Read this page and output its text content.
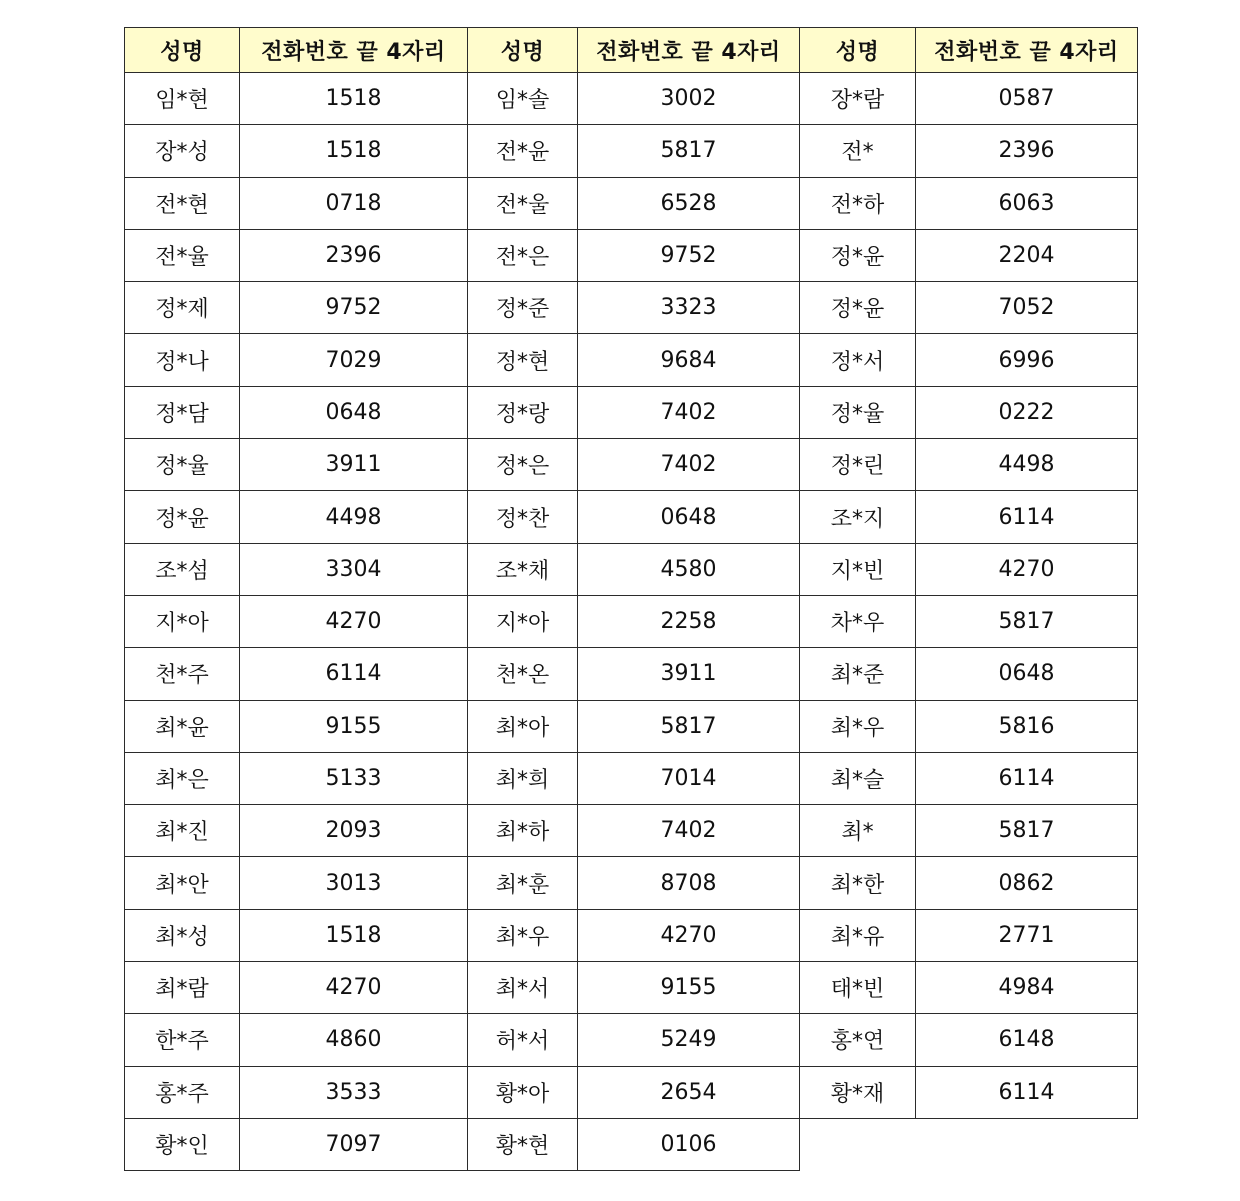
성명	전화번호 끝 4자리	성명	전화번호 끝 4자리	성명	전화번호 끝 4자리
임*현	1518	임*솔	3002	장*람	0587
장*성	1518	전*윤	5817	전*	2396
전*현	0718	전*울	6528	전*하	6063
전*율	2396	전*은	9752	정*윤	2204
정*제	9752	정*준	3323	정*윤	7052
정*나	7029	정*현	9684	정*서	6996
정*담	0648	정*랑	7402	정*율	0222
정*율	3911	정*은	7402	정*린	4498
정*윤	4498	정*찬	0648	조*지	6114
조*섬	3304	조*채	4580	지*빈	4270
지*아	4270	지*아	2258	차*우	5817
천*주	6114	천*온	3911	최*준	0648
최*윤	9155	최*아	5817	최*우	5816
최*은	5133	최*희	7014	최*슬	6114
최*진	2093	최*하	7402	최*	5817
최*안	3013	최*훈	8708	최*한	0862
최*성	1518	최*우	4270	최*유	2771
최*람	4270	최*서	9155	태*빈	4984
한*주	4860	허*서	5249	홍*연	6148
홍*주	3533	황*아	2654	황*재	6114
황*인	7097	황*현	0106
